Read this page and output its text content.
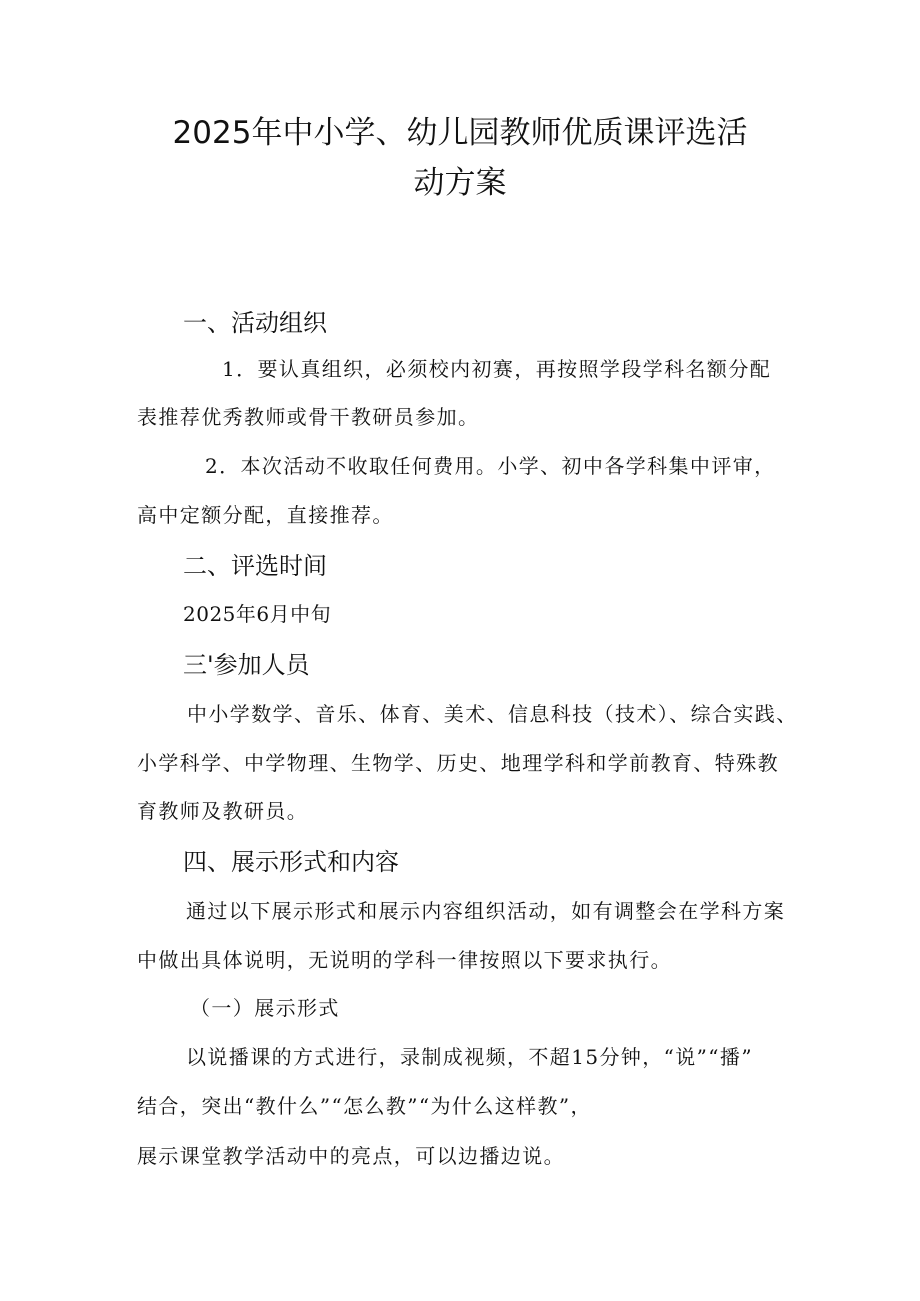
2025年中小学、幼儿园教师优质课评选活
动方案
一、活动组织
1．要认真组织，必须校内初赛，再按照学段学科名额分配
表推荐优秀教师或骨干教研员参加。
2．本次活动不收取任何费用。小学、初中各学科集中评审，
高中定额分配，直接推荐。
二、评选时间
2025年6月中旬
三'参加人员
中小学数学、音乐、体育、美术、信息科技（技术）、综合实践、
小学科学、中学物理、生物学、历史、地理学科和学前教育、特殊教
育教师及教研员。
四、展示形式和内容
通过以下展示形式和展示内容组织活动，如有调整会在学科方案
中做出具体说明，无说明的学科一律按照以下要求执行。
（一）展示形式
以说播课的方式进行，录制成视频，不超15分钟，“说”“播”
结合，突出“教什么”“怎么教”“为什么这样教”，
展示课堂教学活动中的亮点，可以边播边说。
